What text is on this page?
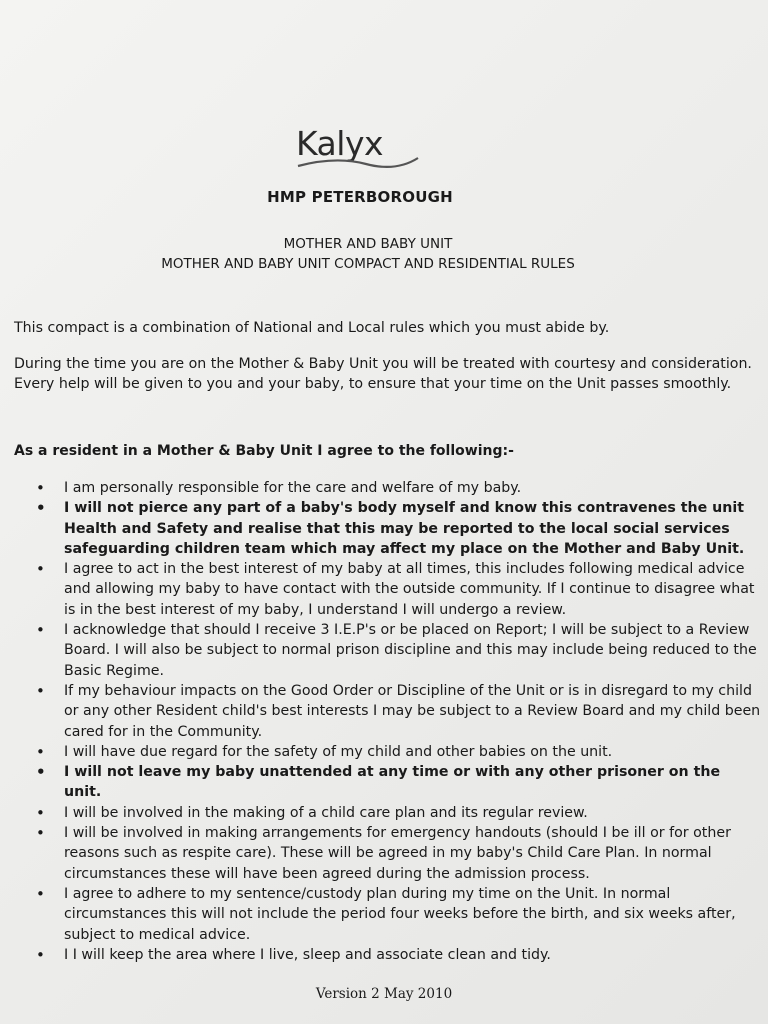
Kalyx
HMP PETERBOROUGH
MOTHER AND BABY UNIT
MOTHER AND BABY UNIT COMPACT AND RESIDENTIAL RULES
This compact is a combination of National and Local rules which you must abide by.
During the time you are on the Mother & Baby Unit you will be treated with courtesy and consideration. Every help will be given to you and your baby, to ensure that your time on the Unit passes smoothly.
As a resident in a Mother & Baby Unit I agree to the following:-
• I am personally responsible for the care and welfare of my baby.
• I will not pierce any part of a baby's body myself and know this contravenes the unit Health and Safety and realise that this may be reported to the local social services safeguarding children team which may affect my place on the Mother and Baby Unit.
• I agree to act in the best interest of my baby at all times, this includes following medical advice and allowing my baby to have contact with the outside community. If I continue to disagree what is in the best interest of my baby, I understand I will undergo a review.
• I acknowledge that should I receive 3 I.E.P's or be placed on Report; I will be subject to a Review Board. I will also be subject to normal prison discipline and this may include being reduced to the Basic Regime.
• If my behaviour impacts on the Good Order or Discipline of the Unit or is in disregard to my child or any other Resident child's best interests I may be subject to a Review Board and my child been cared for in the Community.
• I will have due regard for the safety of my child and other babies on the unit.
• I will not leave my baby unattended at any time or with any other prisoner on the unit.
• I will be involved in the making of a child care plan and its regular review.
• I will be involved in making arrangements for emergency handouts (should I be ill or for other reasons such as respite care). These will be agreed in my baby's Child Care Plan. In normal circumstances these will have been agreed during the admission process.
• I agree to adhere to my sentence/custody plan during my time on the Unit. In normal circumstances this will not include the period four weeks before the birth, and six weeks after, subject to medical advice.
• I I will keep the area where I live, sleep and associate clean and tidy.
Version 2 May 2010
